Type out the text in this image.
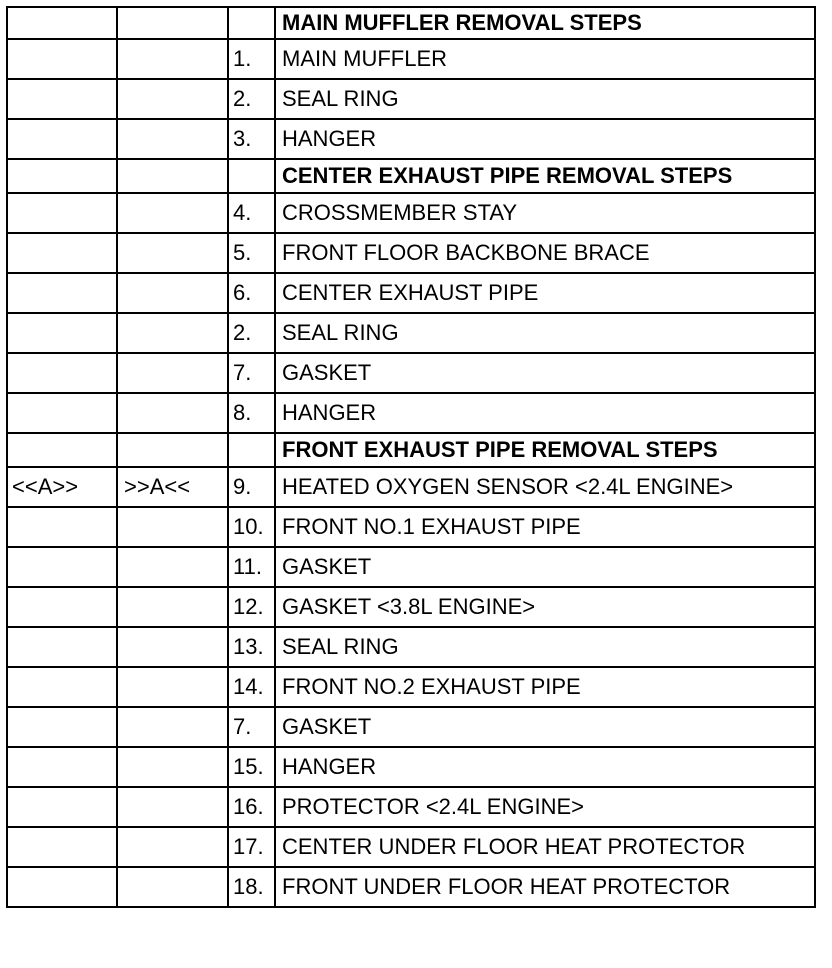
			MAIN MUFFLER REMOVAL STEPS
		1.	MAIN MUFFLER
		2.	SEAL RING
		3.	HANGER
			CENTER EXHAUST PIPE REMOVAL STEPS
		4.	CROSSMEMBER STAY
		5.	FRONT FLOOR BACKBONE BRACE
		6.	CENTER EXHAUST PIPE
		2.	SEAL RING
		7.	GASKET
		8.	HANGER
			FRONT EXHAUST PIPE REMOVAL STEPS
<<A>>	>>A<<	9.	HEATED OXYGEN SENSOR <2.4L ENGINE>
		10.	FRONT NO.1 EXHAUST PIPE
		11.	GASKET
		12.	GASKET <3.8L ENGINE>
		13.	SEAL RING
		14.	FRONT NO.2 EXHAUST PIPE
		7.	GASKET
		15.	HANGER
		16.	PROTECTOR <2.4L ENGINE>
		17.	CENTER UNDER FLOOR HEAT PROTECTOR
		18.	FRONT UNDER FLOOR HEAT PROTECTOR
